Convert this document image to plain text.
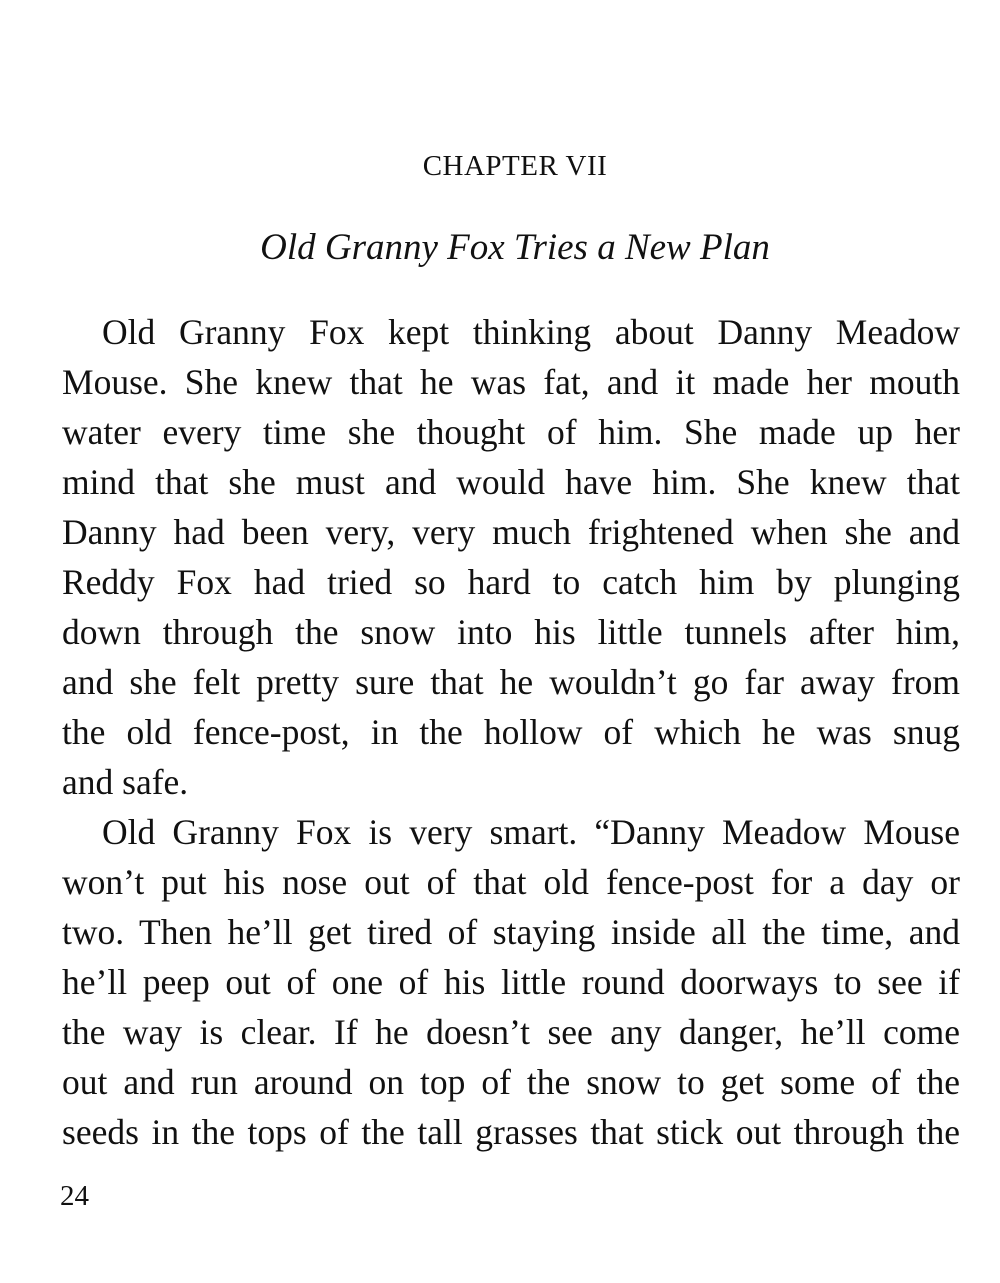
CHAPTER VII
Old Granny Fox Tries a New Plan
Old Granny Fox kept thinking about Danny Meadow
Mouse. She knew that he was fat, and it made her mouth
water every time she thought of him. She made up her
mind that she must and would have him. She knew that
Danny had been very, very much frightened when she and
Reddy Fox had tried so hard to catch him by plunging
down through the snow into his little tunnels after him,
and she felt pretty sure that he wouldn’t go far away from
the old fence-post, in the hollow of which he was snug
and safe.
Old Granny Fox is very smart. “Danny Meadow Mouse
won’t put his nose out of that old fence-post for a day or
two. Then he’ll get tired of staying inside all the time, and
he’ll peep out of one of his little round doorways to see if
the way is clear. If he doesn’t see any danger, he’ll come
out and run around on top of the snow to get some of the
seeds in the tops of the tall grasses that stick out through the
24
